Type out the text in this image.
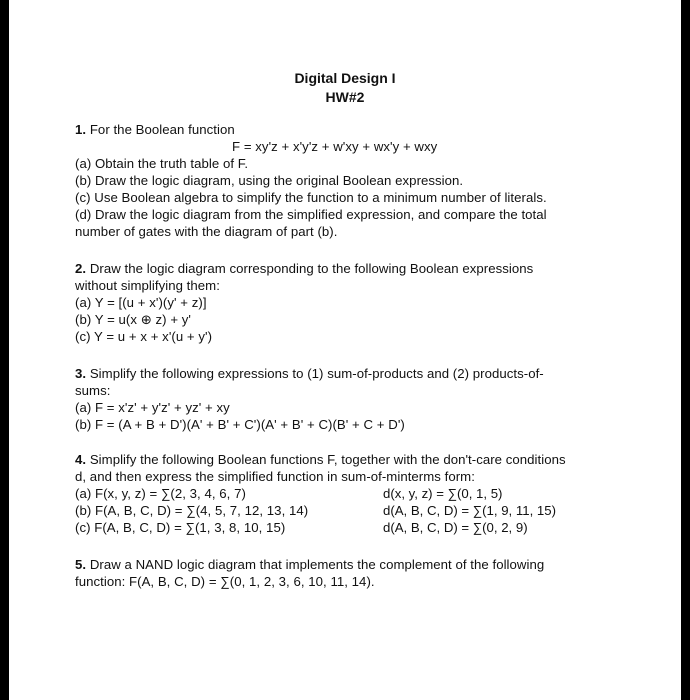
Digital Design I
HW#2
1. For the Boolean function
F = xy'z + x'y'z + w'xy + wx'y + wxy
(a) Obtain the truth table of F.
(b) Draw the logic diagram, using the original Boolean expression.
(c) Use Boolean algebra to simplify the function to a minimum number of literals.
(d) Draw the logic diagram from the simplified expression, and compare the total
number of gates with the diagram of part (b).
2. Draw the logic diagram corresponding to the following Boolean expressions
without simplifying them:
(a) Y = [(u + x')(y' + z)]
(b) Y = u(x ⊕ z) + y'
(c) Y = u + x + x'(u + y')
3. Simplify the following expressions to (1) sum-of-products and (2) products-of-
sums:
(a) F = x'z' + y'z' + yz' + xy
(b) F = (A + B + D')(A' + B' + C')(A' + B' + C)(B' + C + D')
4. Simplify the following Boolean functions F, together with the don't-care conditions
d, and then express the simplified function in sum-of-minterms form:
(a) F(x, y, z) = ∑(2, 3, 4, 6, 7)	d(x, y, z) = ∑(0, 1, 5)
(b) F(A, B, C, D) = ∑(4, 5, 7, 12, 13, 14)	d(A, B, C, D) = ∑(1, 9, 11, 15)
(c) F(A, B, C, D) = ∑(1, 3, 8, 10, 15)	d(A, B, C, D) = ∑(0, 2, 9)
5. Draw a NAND logic diagram that implements the complement of the following
function: F(A, B, C, D) = ∑(0, 1, 2, 3, 6, 10, 11, 14).
